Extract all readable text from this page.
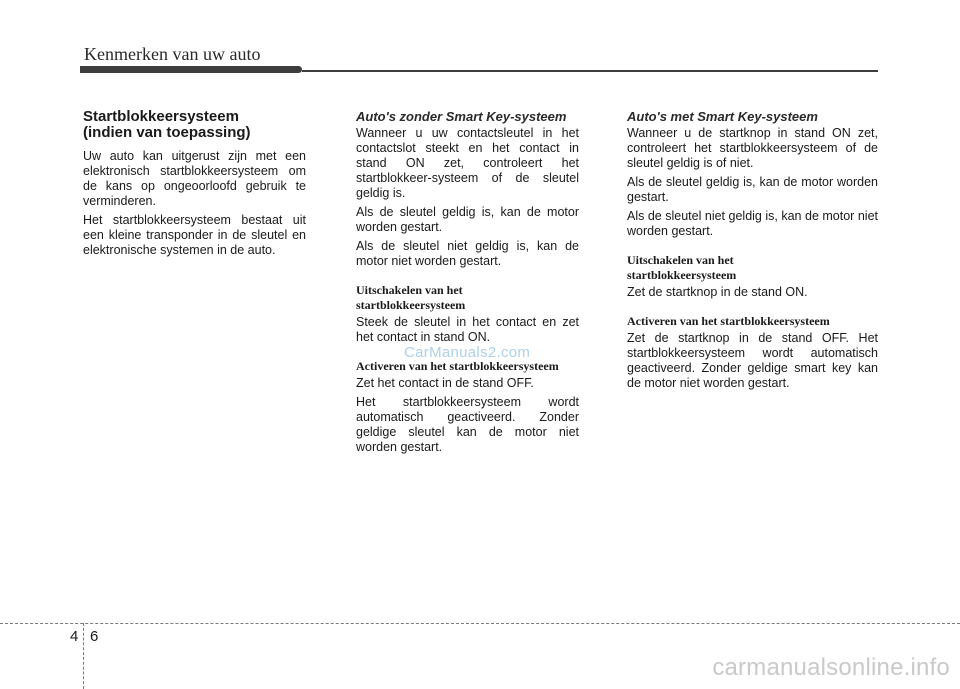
Kenmerken van uw auto
Startblokkeersysteem
(indien van toepassing)

Uw auto kan uitgerust zijn met een elektronisch startblokkeersysteem om de kans op ongeoorloofd gebruik te verminderen.

Het startblokkeersysteem bestaat uit een kleine transponder in de sleutel en elektronische systemen in de auto.

Auto's zonder Smart Key-systeem

Wanneer u uw contactsleutel in het contactslot steekt en het contact in stand ON zet, controleert het startblokkeer-systeem of de sleutel geldig is.

Als de sleutel geldig is, kan de motor worden gestart.

Als de sleutel niet geldig is, kan de motor niet worden gestart.

Uitschakelen van het
startblokkeersysteem

Steek de sleutel in het contact en zet het contact in stand ON.

Activeren van het startblokkeersysteem

Zet het contact in de stand OFF.

Het startblokkeersysteem wordt automatisch geactiveerd. Zonder geldige sleutel kan de motor niet worden gestart.

Auto's met Smart Key-systeem

Wanneer u de startknop in stand ON zet, controleert het startblokkeersysteem of de sleutel geldig is of niet.

Als de sleutel geldig is, kan de motor worden gestart.

Als de sleutel niet geldig is, kan de motor niet worden gestart.

Uitschakelen van het
startblokkeersysteem

Zet de startknop in de stand ON.

Activeren van het startblokkeersysteem

Zet de startknop in de stand OFF. Het startblokkeersysteem wordt automatisch geactiveerd. Zonder geldige smart key kan de motor niet worden gestart.

CarManuals2.com
4 6
carmanualsonline.info
